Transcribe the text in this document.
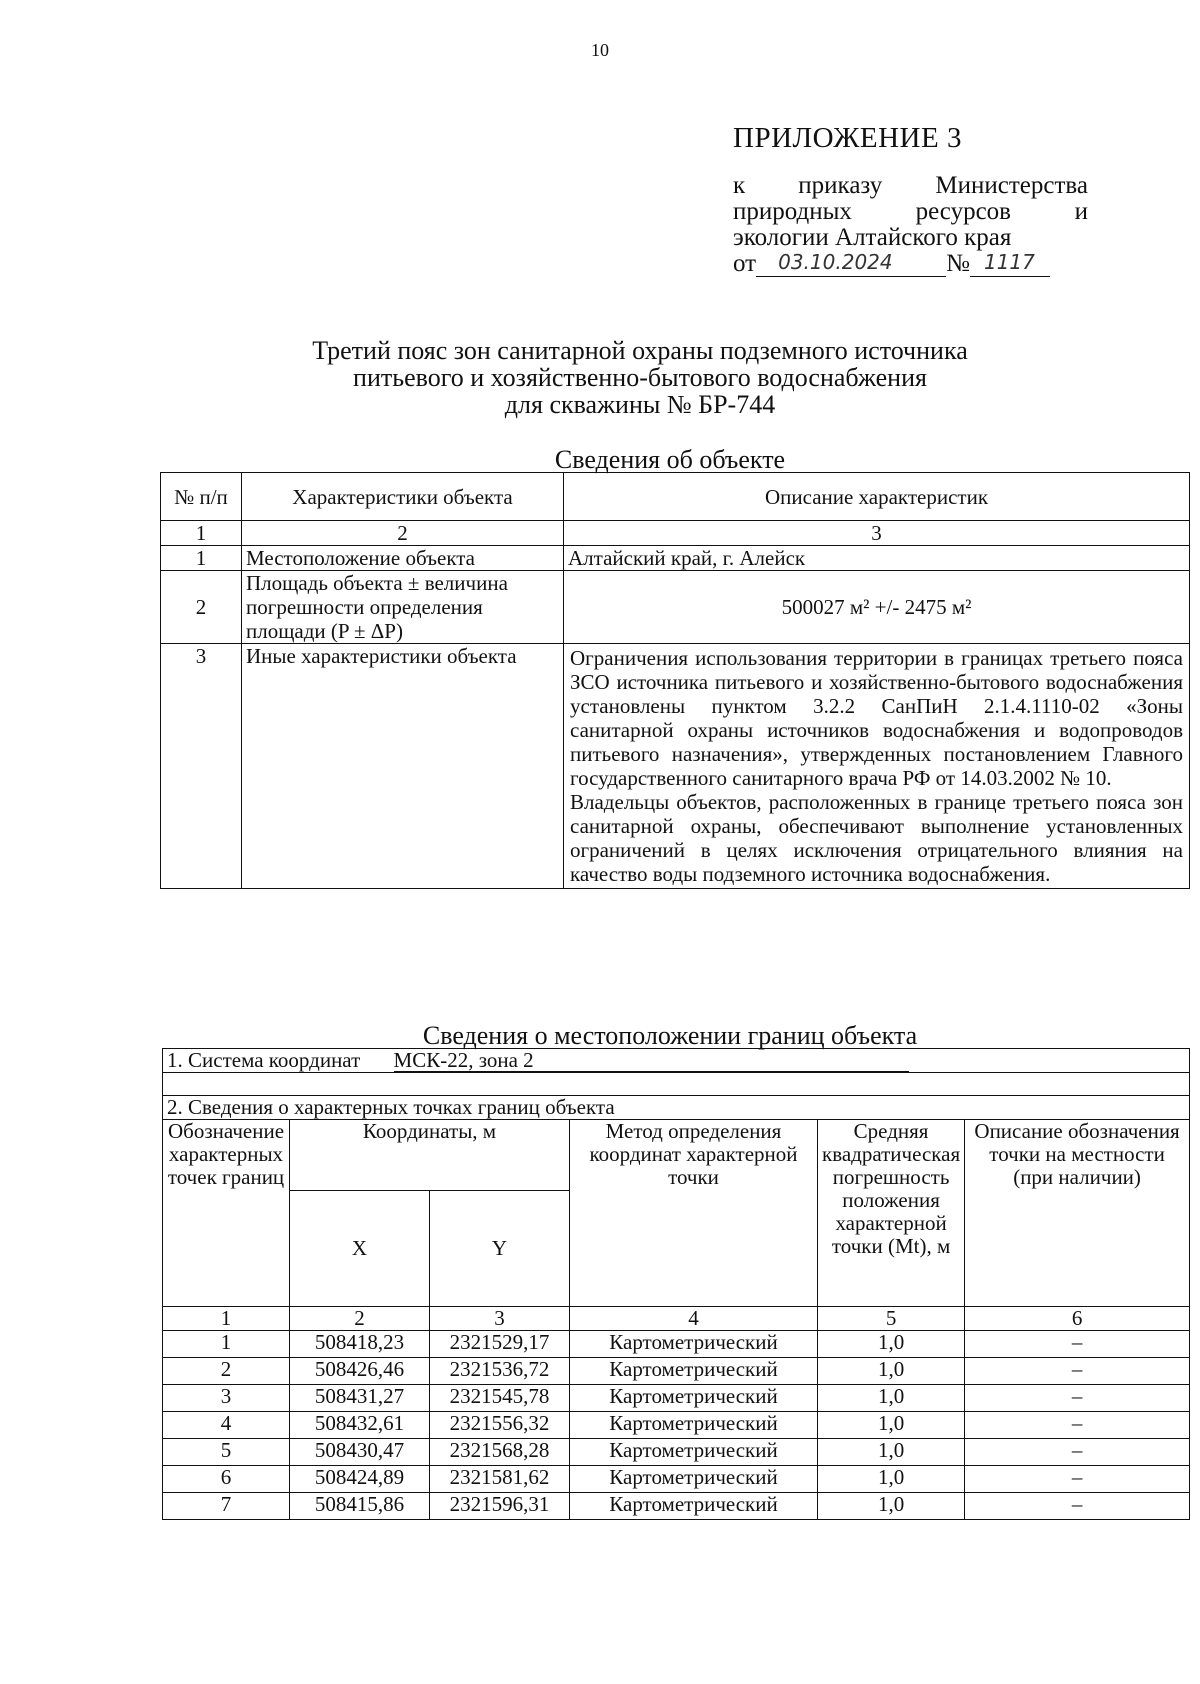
10
ПРИЛОЖЕНИЕ 3
к приказу Министерства
природных	ресурсов	и
экологии Алтайского края
от 03.10.2024 № 1117
Третий пояс зон санитарной охраны подземного источника
питьевого и хозяйственно-бытового водоснабжения
для скважины № БР-744
Сведения об объекте
№ п/п	Характеристики объекта	Описание характеристик
1	2	3
1	Местоположение объекта	Алтайский край, г. Алейск
2	Площадь объекта ± величина погрешности определения площади (P ± ΔP)	500027 м² +/- 2475 м²
3	Иные характеристики объекта	Ограничения использования территории в границах третьего пояса ЗСО источника питьевого и хозяйственно-бытового водоснабжения установлены пунктом 3.2.2 СанПиН 2.1.4.1110-02 «Зоны санитарной охраны источников водоснабжения и водопроводов питьевого назначения», утвержденных постановлением Главного государственного санитарного врача РФ от 14.03.2002 № 10.
Владельцы объектов, расположенных в границе третьего пояса зон санитарной охраны, обеспечивают выполнение установленных ограничений в целях исключения отрицательного влияния на качество воды подземного источника водоснабжения.
Сведения о местоположении границ объекта
1. Система координат МСК-22, зона 2					

2. Сведения о характерных точках границ объекта					
Обозначение характерных точек границ	Координаты, м		Метод определения координат характерной точки	Средняя квадратическая погрешность положения характерной точки (Mt), м	Описание обозначения точки на местности (при наличии)
	X	Y			
1	2	3	4	5	6
1	508418,23	2321529,17	Картометрический	1,0	–
2	508426,46	2321536,72	Картометрический	1,0	–
3	508431,27	2321545,78	Картометрический	1,0	–
4	508432,61	2321556,32	Картометрический	1,0	–
5	508430,47	2321568,28	Картометрический	1,0	–
6	508424,89	2321581,62	Картометрический	1,0	–
7	508415,86	2321596,31	Картометрический	1,0	–
